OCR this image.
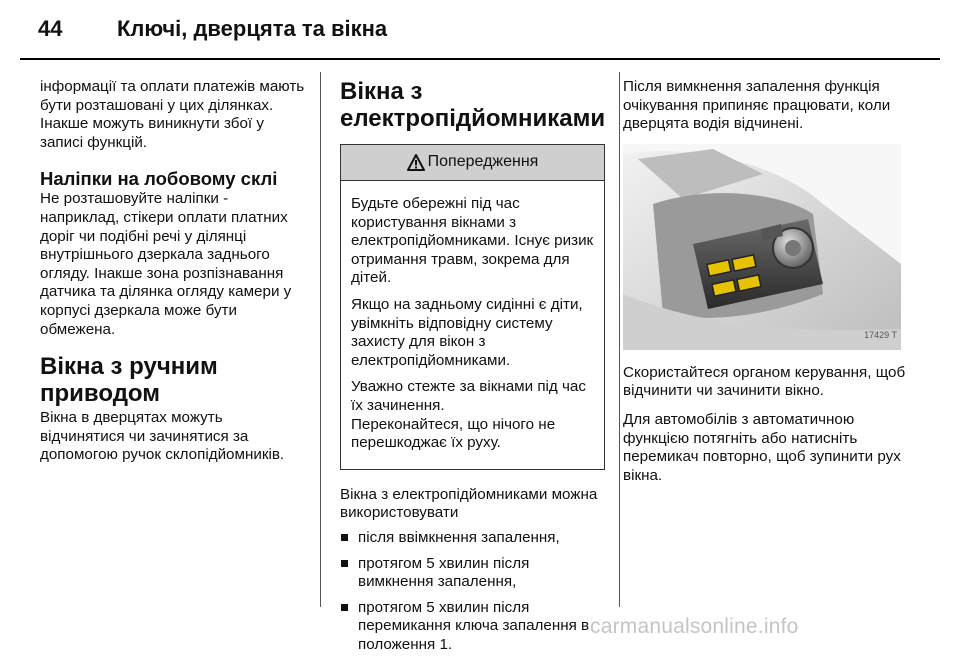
44 Ключі, дверцята та вікна

інформації та оплати платежів мають бути розташовані у цих ділянках. Інакше можуть виникнути збої у записі функцій.

Наліпки на лобовому склі

Не розташовуйте наліпки - наприклад, стікери оплати платних доріг чи подібні речі у ділянці внутрішнього дзеркала заднього огляду. Інакше зона розпізнавання датчика та ділянка огляду камери у корпусі дзеркала може бути обмежена.

Вікна з ручним приводом

Вікна в дверцятах можуть відчинятися чи зачинятися за допомогою ручок склопідйомників.

Вікна з електропідйомниками
Попередження

Будьте обережні під час користування вікнами з електропідйомниками. Існує ризик отримання травм, зокрема для дітей.

Якщо на задньому сидінні є діти, увімкніть відповідну систему захисту для вікон з електропідйомниками.

Уважно стежте за вікнами під час їх зачинення.

Переконайтеся, що нічого не перешкоджає їх руху.

Вікна з електропідйомниками можна використовувати

після ввімкнення запалення,
протягом 5 хвилин після вимкнення запалення,
протягом 5 хвилин після перемикання ключа запалення в положення 1.

Після вимкнення запалення функція очікування припиняє працювати, коли дверцята водія відчинені.

17429 T

Скористайтеся органом керування, щоб відчинити чи зачинити вікно.

Для автомобілів з автоматичною функцією потягніть або натисніть перемикач повторно, щоб зупинити рух вікна.

carmanualsonline.info
